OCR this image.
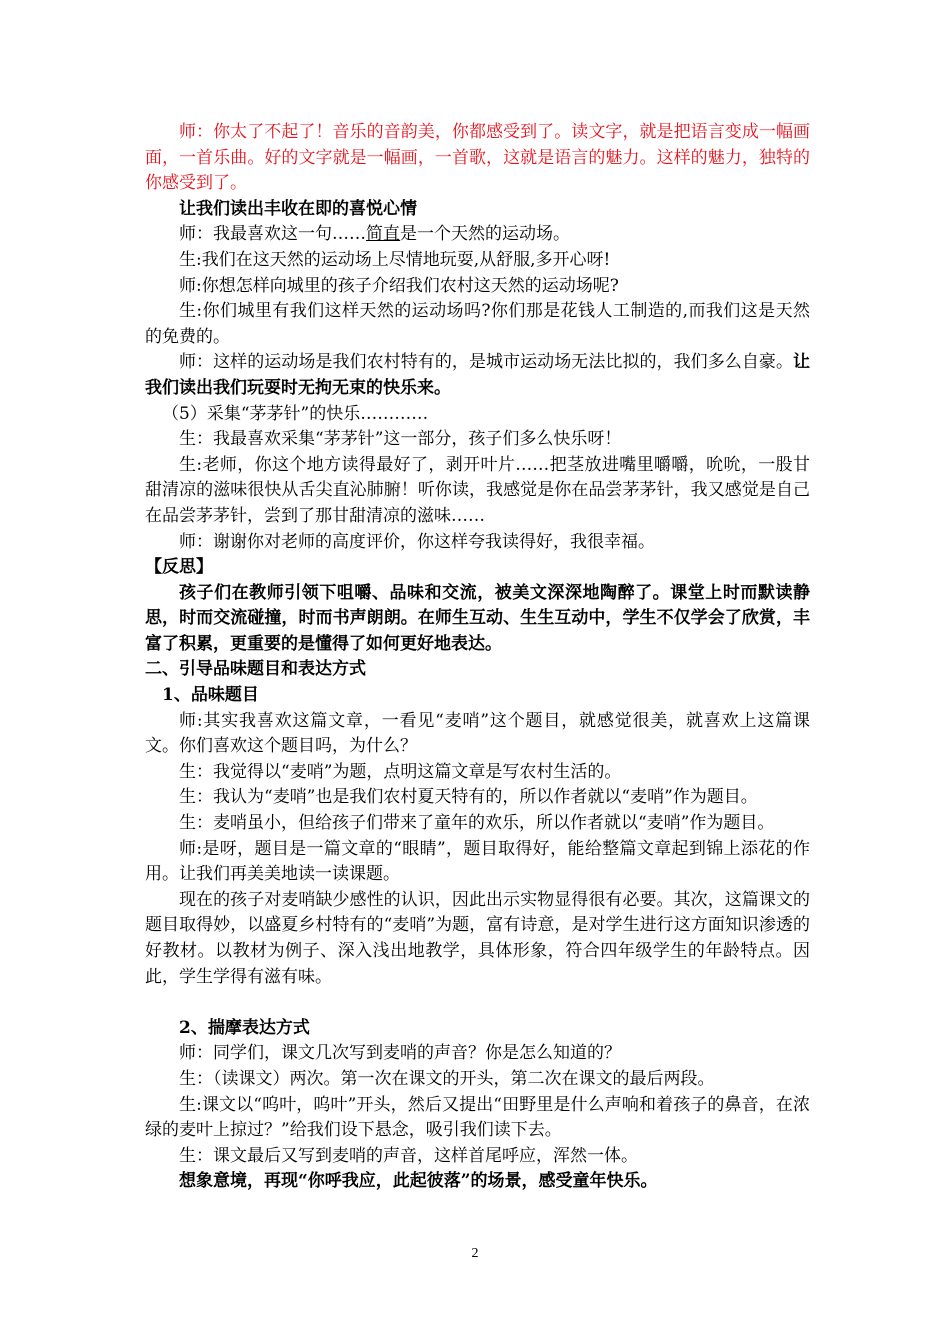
师：你太了不起了！音乐的音韵美，你都感受到了。读文字，就是把语言变成一幅画面，一首乐曲。好的文字就是一幅画，一首歌，这就是语言的魅力。这样的魅力，独特的你感受到了。

让我们读出丰收在即的喜悦心情

师：我最喜欢这一句……简直是一个天然的运动场。

生:我们在这天然的运动场上尽情地玩耍,从舒服,多开心呀!

师:你想怎样向城里的孩子介绍我们农村这天然的运动场呢?

生:你们城里有我们这样天然的运动场吗?你们那是花钱人工制造的,而我们这是天然的免费的。

师：这样的运动场是我们农村特有的，是城市运动场无法比拟的，我们多么自豪。让我们读出我们玩耍时无拘无束的快乐来。

（5）采集“茅茅针”的快乐…………

生：我最喜欢采集“茅茅针”这一部分，孩子们多么快乐呀！

生:老师，你这个地方读得最好了，剥开叶片……把茎放进嘴里嚼嚼，吮吮，一股甘甜清凉的滋味很快从舌尖直沁肺腑！听你读，我感觉是你在品尝茅茅针，我又感觉是自己在品尝茅茅针，尝到了那甘甜清凉的滋味……

师：谢谢你对老师的高度评价，你这样夸我读得好，我很幸福。

【反思】

孩子们在教师引领下咀嚼、品味和交流，被美文深深地陶醉了。课堂上时而默读静思，时而交流碰撞，时而书声朗朗。在师生互动、生生互动中，学生不仅学会了欣赏，丰富了积累，更重要的是懂得了如何更好地表达。

二、引导品味题目和表达方式

1、品味题目

师:其实我喜欢这篇文章，一看见“麦哨”这个题目，就感觉很美，就喜欢上这篇课文。你们喜欢这个题目吗，为什么？

生：我觉得以“麦哨”为题，点明这篇文章是写农村生活的。

生：我认为“麦哨”也是我们农村夏天特有的，所以作者就以“麦哨”作为题目。

生：麦哨虽小，但给孩子们带来了童年的欢乐，所以作者就以“麦哨”作为题目。

师:是呀，题目是一篇文章的“眼睛”，题目取得好，能给整篇文章起到锦上添花的作用。让我们再美美地读一读课题。

现在的孩子对麦哨缺少感性的认识，因此出示实物显得很有必要。其次，这篇课文的题目取得妙，以盛夏乡村特有的“麦哨”为题，富有诗意，是对学生进行这方面知识渗透的好教材。以教材为例子、深入浅出地教学，具体形象，符合四年级学生的年龄特点。因此，学生学得有滋有味。

2、揣摩表达方式

师：同学们，课文几次写到麦哨的声音？你是怎么知道的？

生：（读课文）两次。第一次在课文的开头，第二次在课文的最后两段。

生:课文以“呜叶，呜叶”开头，然后又提出“田野里是什么声响和着孩子的鼻音，在浓绿的麦叶上掠过？”给我们设下悬念，吸引我们读下去。

生：课文最后又写到麦哨的声音，这样首尾呼应，浑然一体。

想象意境，再现“你呼我应，此起彼落”的场景，感受童年快乐。

2
